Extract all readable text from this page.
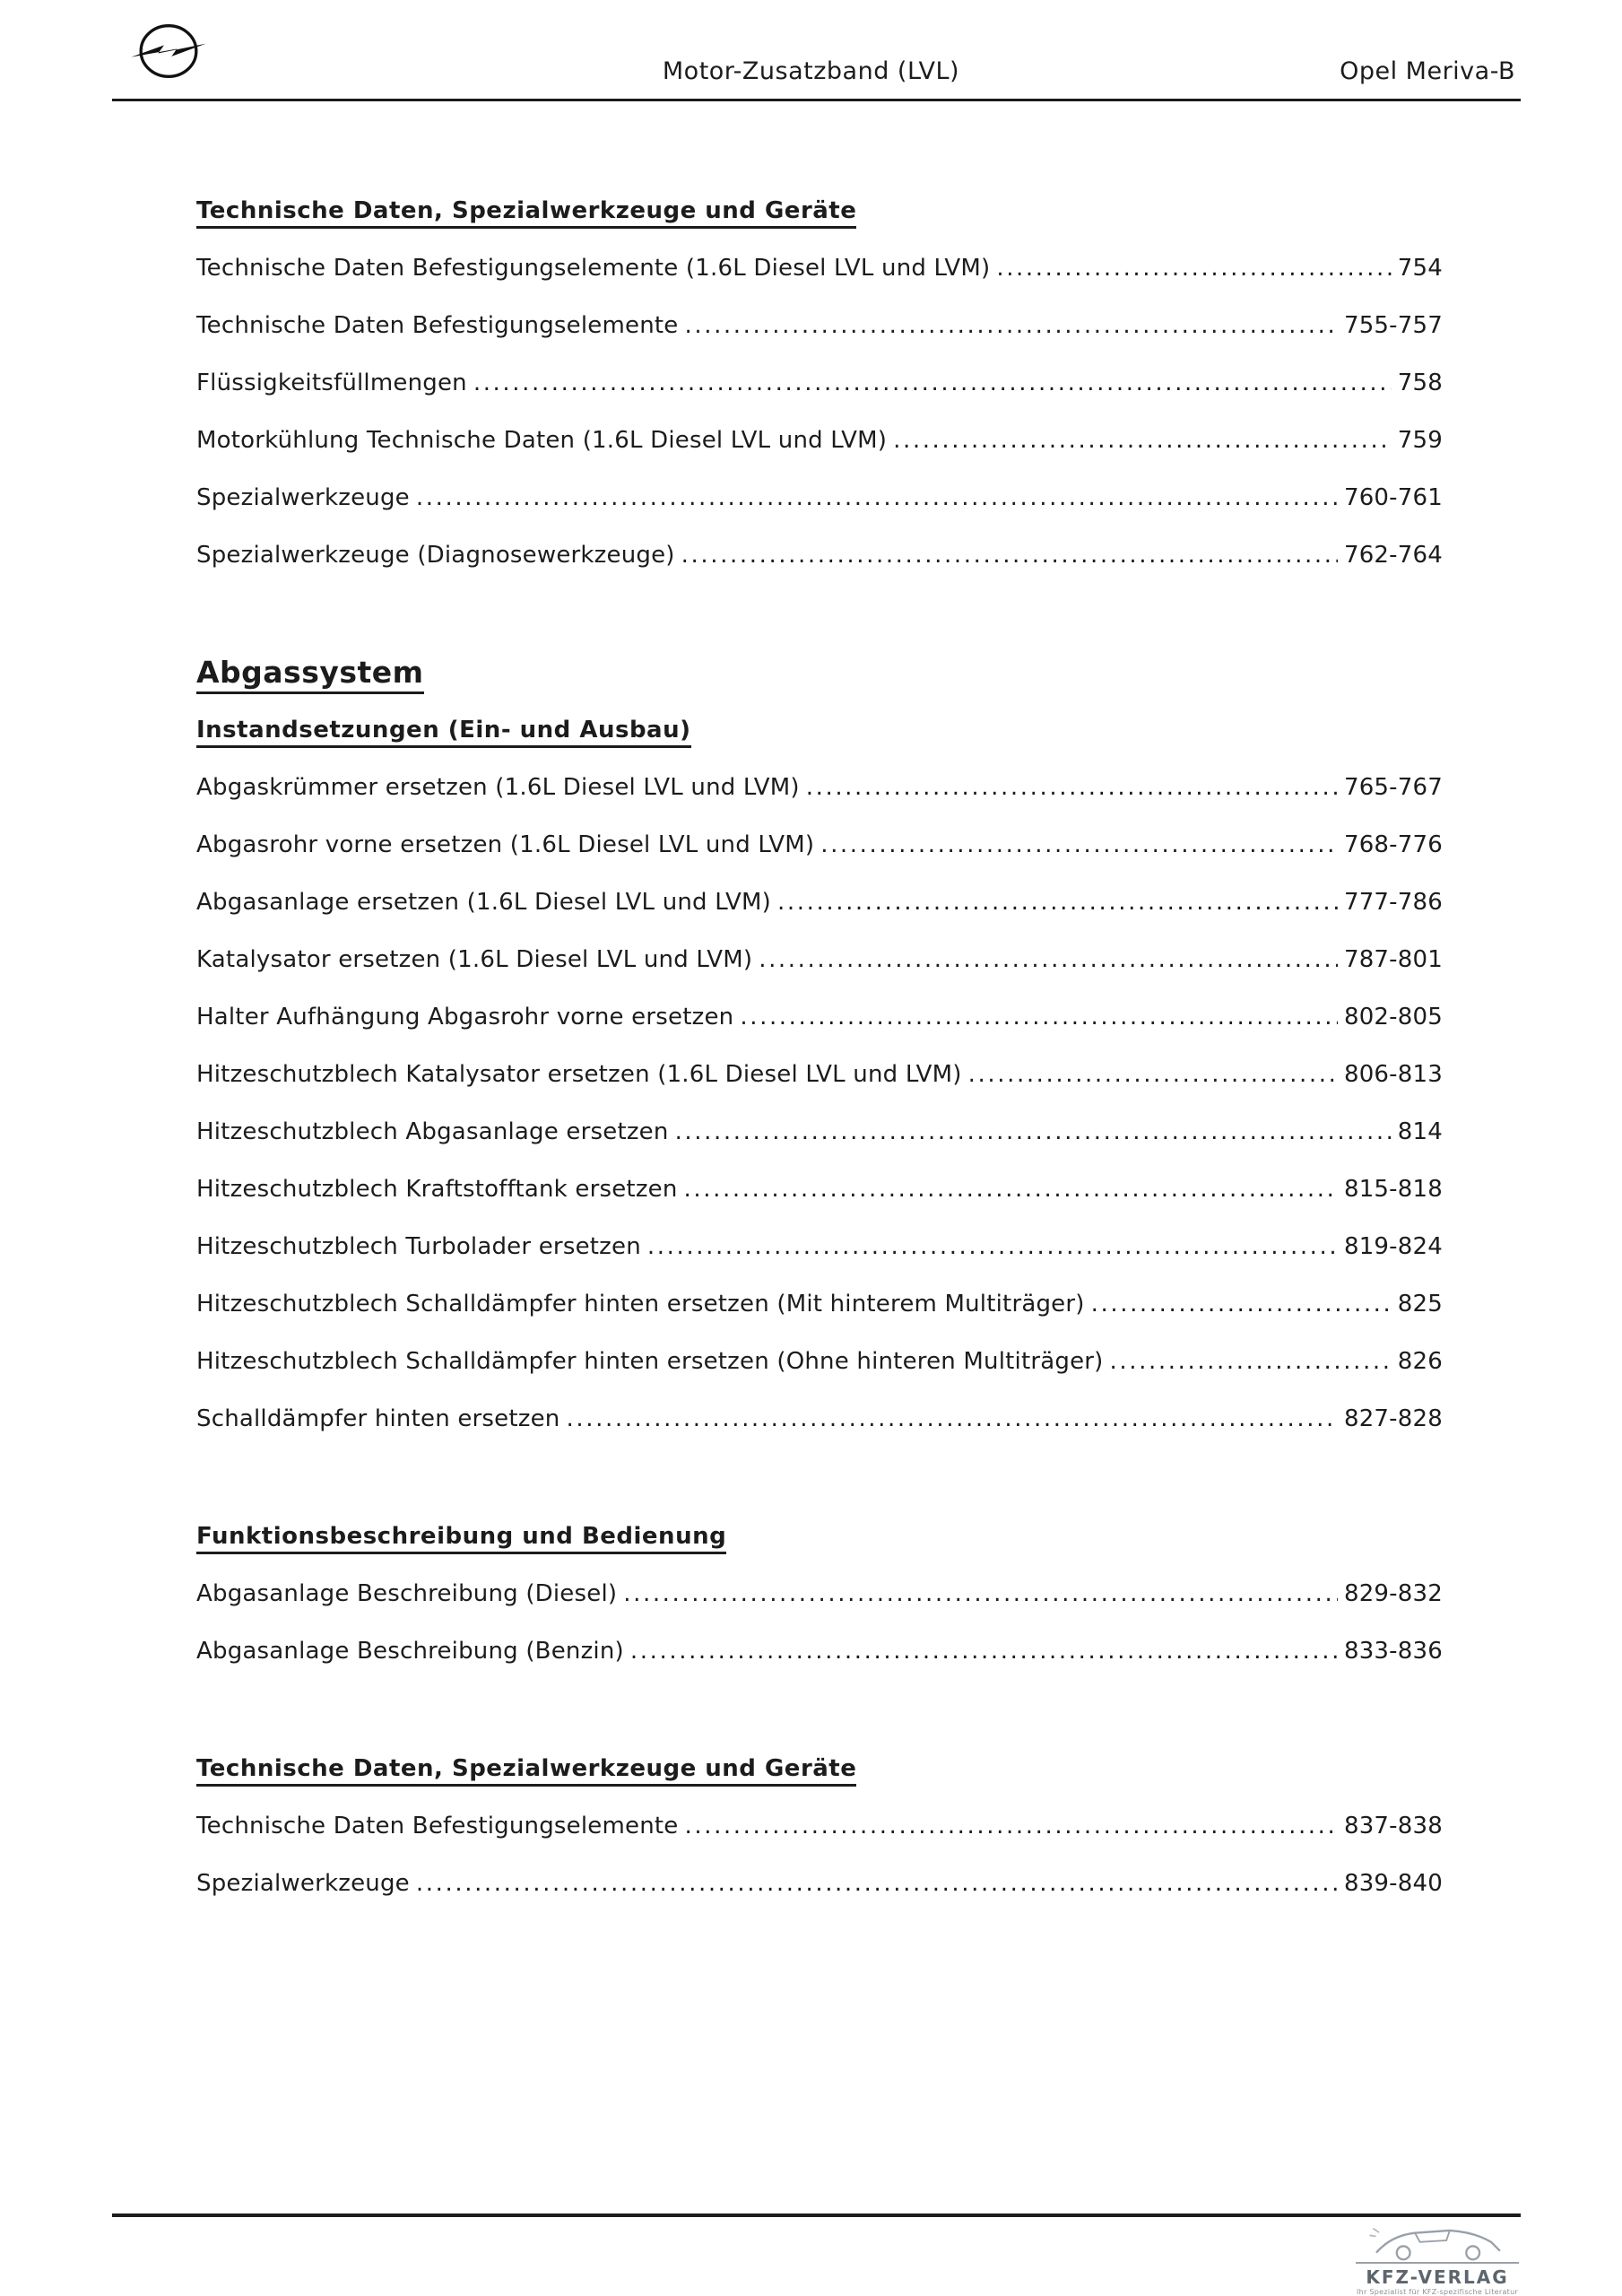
Motor-Zusatzband (LVL)	Opel Meriva-B
Technische Daten, Spezialwerkzeuge und Geräte
Technische Daten Befestigungselemente (1.6L Diesel LVL und LVM) .....	754
Technische Daten Befestigungselemente .....	755-757
Flüssigkeitsfüllmengen .....	758
Motorkühlung Technische Daten (1.6L Diesel LVL und LVM) .....	759
Spezialwerkzeuge .....	760-761
Spezialwerkzeuge (Diagnosewerkzeuge) .....	762-764
Abgassystem
Instandsetzungen (Ein- und Ausbau)
Abgaskrümmer ersetzen (1.6L Diesel LVL und LVM) .....	765-767
Abgasrohr vorne ersetzen (1.6L Diesel LVL und LVM) .....	768-776
Abgasanlage ersetzen (1.6L Diesel LVL und LVM) .....	777-786
Katalysator ersetzen (1.6L Diesel LVL und LVM) .....	787-801
Halter Aufhängung Abgasrohr vorne ersetzen .....	802-805
Hitzeschutzblech Katalysator ersetzen (1.6L Diesel LVL und LVM) .....	806-813
Hitzeschutzblech Abgasanlage ersetzen .....	814
Hitzeschutzblech Kraftstofftank ersetzen .....	815-818
Hitzeschutzblech Turbolader ersetzen .....	819-824
Hitzeschutzblech Schalldämpfer hinten ersetzen (Mit hinterem Multiträger) .....	825
Hitzeschutzblech Schalldämpfer hinten ersetzen (Ohne hinteren Multiträger) .....	826
Schalldämpfer hinten ersetzen .....	827-828
Funktionsbeschreibung und Bedienung
Abgasanlage Beschreibung (Diesel) .....	829-832
Abgasanlage Beschreibung (Benzin) .....	833-836
Technische Daten, Spezialwerkzeuge und Geräte
Technische Daten Befestigungselemente .....	837-838
Spezialwerkzeuge .....	839-840
KFZ-VERLAG
Ihr Spezialist für KFZ-spezifische Literatur
